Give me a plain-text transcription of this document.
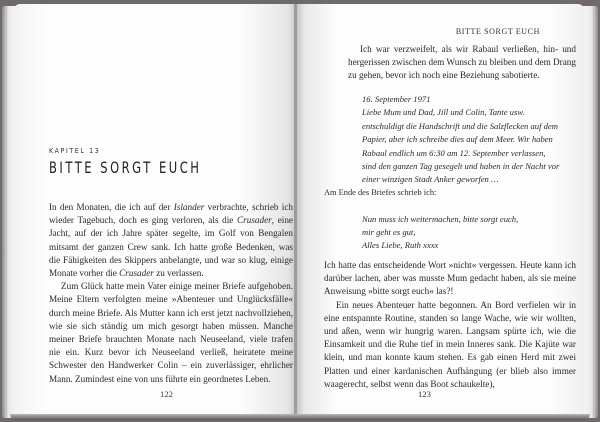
KAPITEL 13
BITTE SORGT EUCH

In den Monaten, die ich auf der Islander verbrachte, schrieb ich wieder Tagebuch, doch es ging verloren, als die Crusader, eine Jacht, auf der ich Jahre später segelte, im Golf von Bengalen mitsamt der ganzen Crew sank. Ich hatte große Bedenken, was die Fähigkeiten des Skippers anbelangte, und war so klug, einige Monate vorher die Crusader zu verlassen.

Zum Glück hatte mein Vater einige meiner Briefe aufgehoben. Meine Eltern verfolgten meine »Abenteuer und Unglücksfälle« durch meine Briefe. Als Mutter kann ich erst jetzt nachvollziehen, wie sie sich ständig um mich gesorgt haben müssen. Manche meiner Briefe brauchten Monate nach Neuseeland, viele trafen nie ein. Kurz bevor ich Neuseeland verließ, heiratete meine Schwester den Handwerker Colin – ein zuverlässiger, ehrlicher Mann. Zumindest eine von uns führte ein geordnetes Leben.

122
BITTE SORGT EUCH

Ich war verzweifelt, als wir Rabaul verließen, hin- und hergerissen zwischen dem Wunsch zu bleiben und dem Drang zu gehen, bevor ich noch eine Beziehung sabotierte.

16. September 1971

Liebe Mum und Dad, Jill und Colin, Tante usw.

entschuldigt die Handschrift und die Salzflecken auf dem

Papier, aber ich schreibe dies auf dem Meer. Wir haben

Rabaul endlich um 6:30 am 12. September verlassen,

sind den ganzen Tag gesegelt und haben in der Nacht vor

einer winzigen Stadt Anker geworfen …

Am Ende des Briefes schrieb ich:

Nun muss ich weitermachen, bitte sorgt euch,

mir geht es gut,

Alles Liebe, Ruth xxxx

Ich hatte das entscheidende Wort »nicht« vergessen. Heute kann ich darüber lachen, aber was musste Mum gedacht haben, als sie meine Anweisung »bitte sorgt euch« las?!

Ein neues Abenteuer hatte begonnen. An Bord verfielen wir in eine entspannte Routine, standen so lange Wache, wie wir wollten, und aßen, wenn wir hungrig waren. Langsam spürte ich, wie die Einsamkeit und die Ruhe tief in mein Inneres sank. Die Kajüte war klein, und man konnte kaum stehen. Es gab einen Herd mit zwei Platten und einer kardanischen Aufhängung (er blieb also immer waagerecht, selbst wenn das Boot schaukelte),

123
